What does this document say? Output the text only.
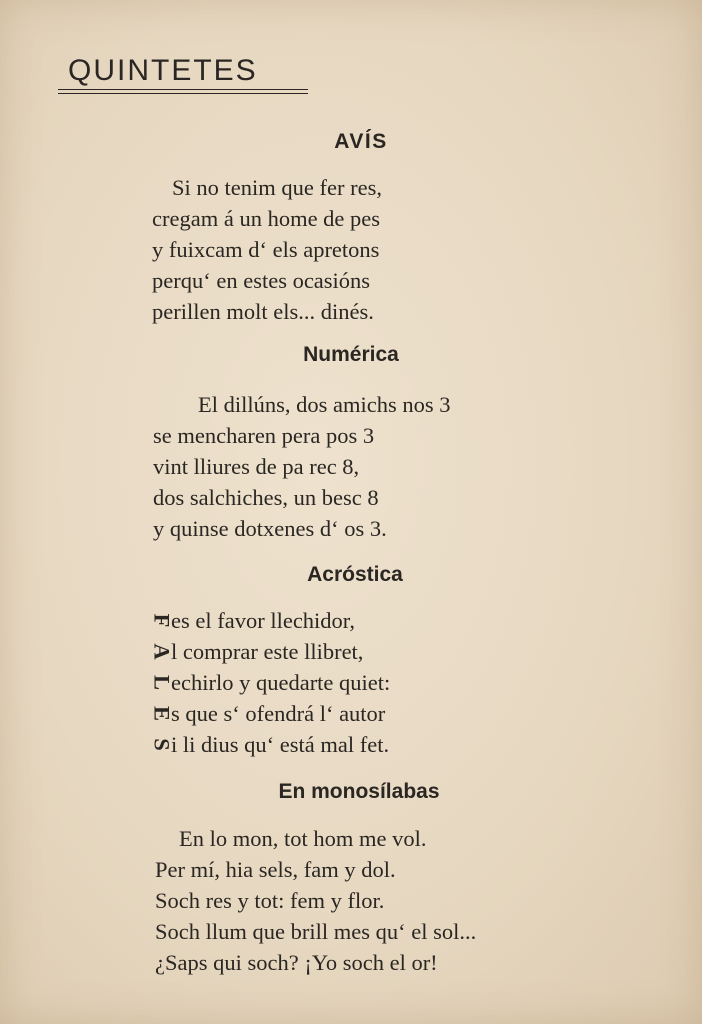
QUINTETES
AVÍS
Si no tenim que fer res,
cregam á un home de pes
y fuixcam d‘ els apretons
perqu‘ en estes ocasións
perillen molt els... dinés.
Numérica
El dillúns, dos amichs nos 3
se mencharen pera pos 3
vint lliures de pa rec 8,
dos salchiches, un besc 8
y quinse dotxenes d‘ os 3.
Acróstica
Fes el favor llechidor,
Al comprar este llibret,
Lechirlo y quedarte quiet:
Es que s‘ ofendrá l‘ autor
Si li dius qu‘ está mal fet.
En monosílabas
En lo mon, tot hom me vol.
Per mí, hia sels, fam y dol.
Soch res y tot: fem y flor.
Soch llum que brill mes qu‘ el sol...
¿Saps qui soch? ¡Yo soch el or!
